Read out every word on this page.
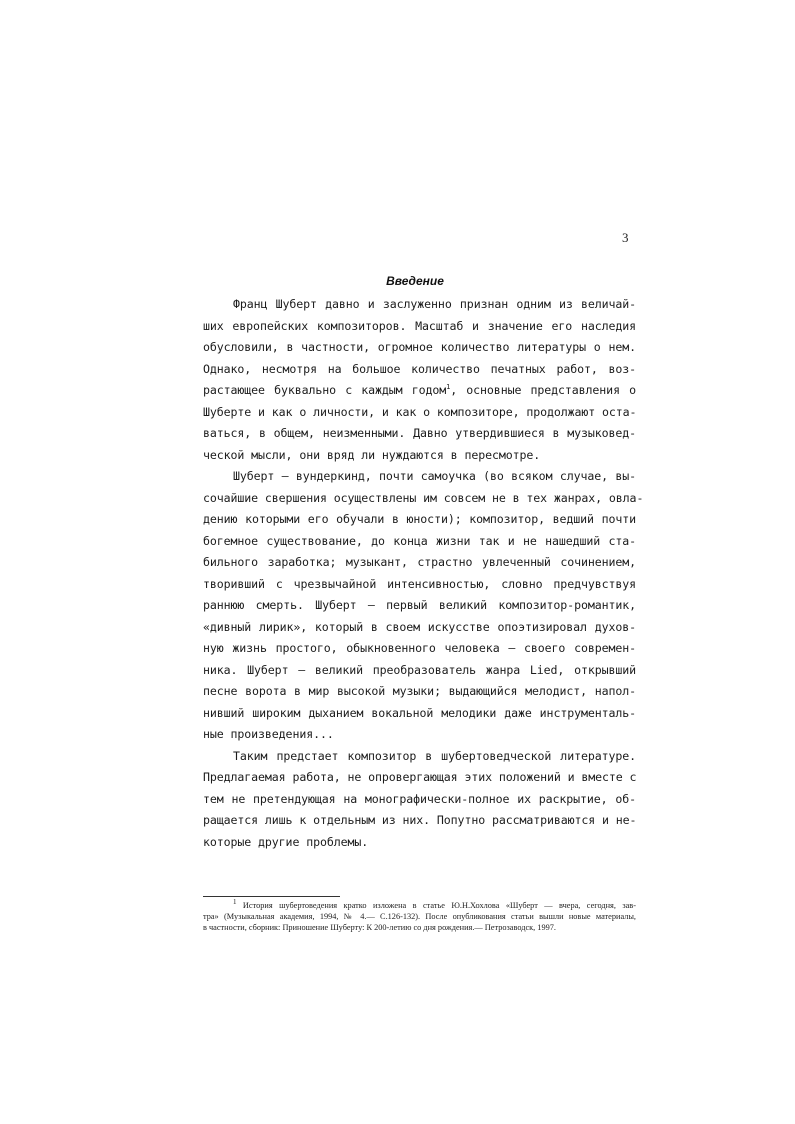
3
Введение
Франц Шуберт давно и заслуженно признан одним из величай-
ших европейских композиторов. Масштаб и значение его наследия
обусловили, в частности, огромное количество литературы о нем.
Однако, несмотря на большое количество печатных работ, воз-
растающее буквально с каждым годом$^1$, основные представления о
Шуберте и как о личности, и как о композиторе, продолжают оста-
ваться, в общем, неизменными. Давно утвердившиеся в музыковед-
ческой мысли, они вряд ли нуждаются в пересмотре.
Шуберт — вундеркинд, почти самоучка (во всяком случае, вы-
сочайшие свершения осуществлены им совсем не в тех жанрах, овла-
дению которыми его обучали в юности); композитор, ведший почти
богемное существование, до конца жизни так и не нашедший ста-
бильного заработка; музыкант, страстно увлеченный сочинением,
творивший с чрезвычайной интенсивностью, словно предчувствуя
раннюю смерть. Шуберт — первый великий композитор-романтик,
«дивный лирик», который в своем искусстве опоэтизировал духов-
ную жизнь простого, обыкновенного человека — своего современ-
ника. Шуберт — великий преобразователь жанра Lied, открывший
песне ворота в мир высокой музыки; выдающийся мелодист, напол-
нивший широким дыханием вокальной мелодики даже инструменталь-
ные произведения...
Таким предстает композитор в шубертоведческой литературе.
Предлагаемая работа, не опровергающая этих положений и вместе с
тем не претендующая на монографически-полное их раскрытие, об-
ращается лишь к отдельным из них. Попутно рассматриваются и не-
которые другие проблемы.
$^1$ История шубертоведения кратко изложена в статье Ю.Н.Хохлова «Шуберт — вчера, сегодня, зав-
тра» (Музыкальная академия, 1994, № 4.— С.126-132). После опубликования статьи вышли новые материалы,
в частности, сборник: Приношение Шуберту: К 200-летию со дня рождения.— Петрозаводск, 1997.
